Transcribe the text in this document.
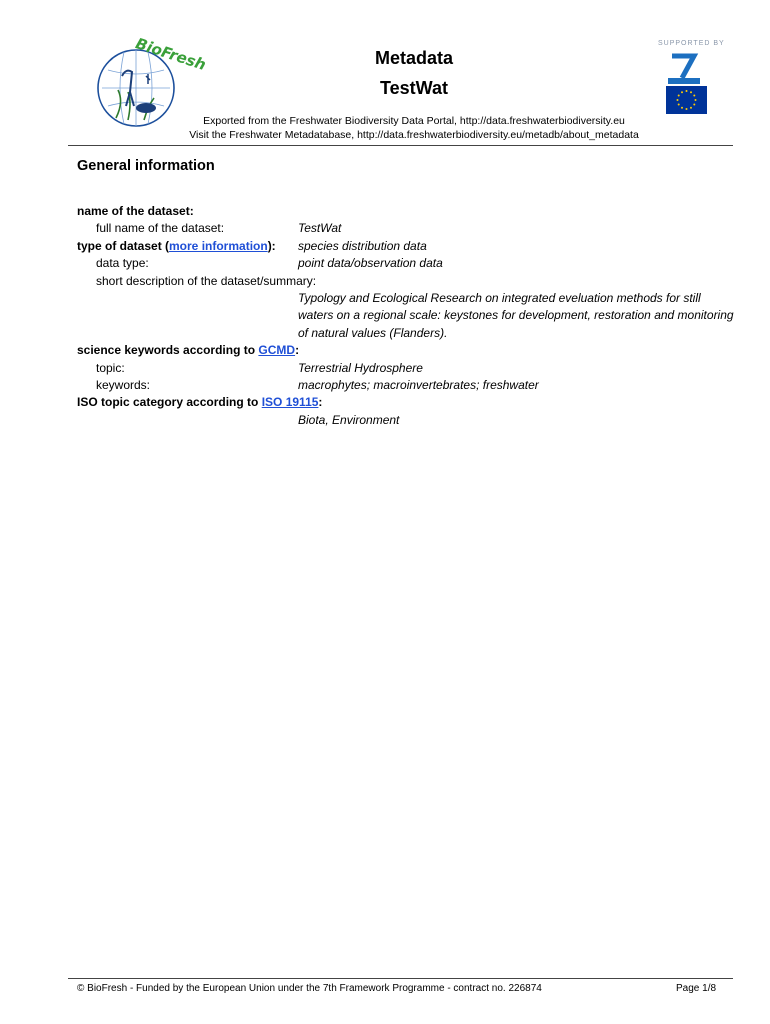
BioFresh	Metadata
TestWat
Exported from the Freshwater Biodiversity Data Portal, http://data.freshwaterbiodiversity.eu
Visit the Freshwater Metadatabase, http://data.freshwaterbiodiversity.eu/metadb/about_metadata
SUPPORTED BY
General information
name of the dataset:
full name of the dataset:	TestWat
type of dataset (more information): species distribution data
data type:	point data/observation data
short description of the dataset/summary:
Typology and Ecological Research on integrated eveluation methods for still waters on a regional scale: keystones for development, restoration and monitoring of natural values (Flanders).
science keywords according to GCMD:
topic:	Terrestrial Hydrosphere
keywords:	macrophytes; macroinvertebrates; freshwater
ISO topic category according to ISO 19115:
Biota, Environment
© BioFresh - Funded by the European Union under the 7th Framework Programme - contract no. 226874	Page 1/8
